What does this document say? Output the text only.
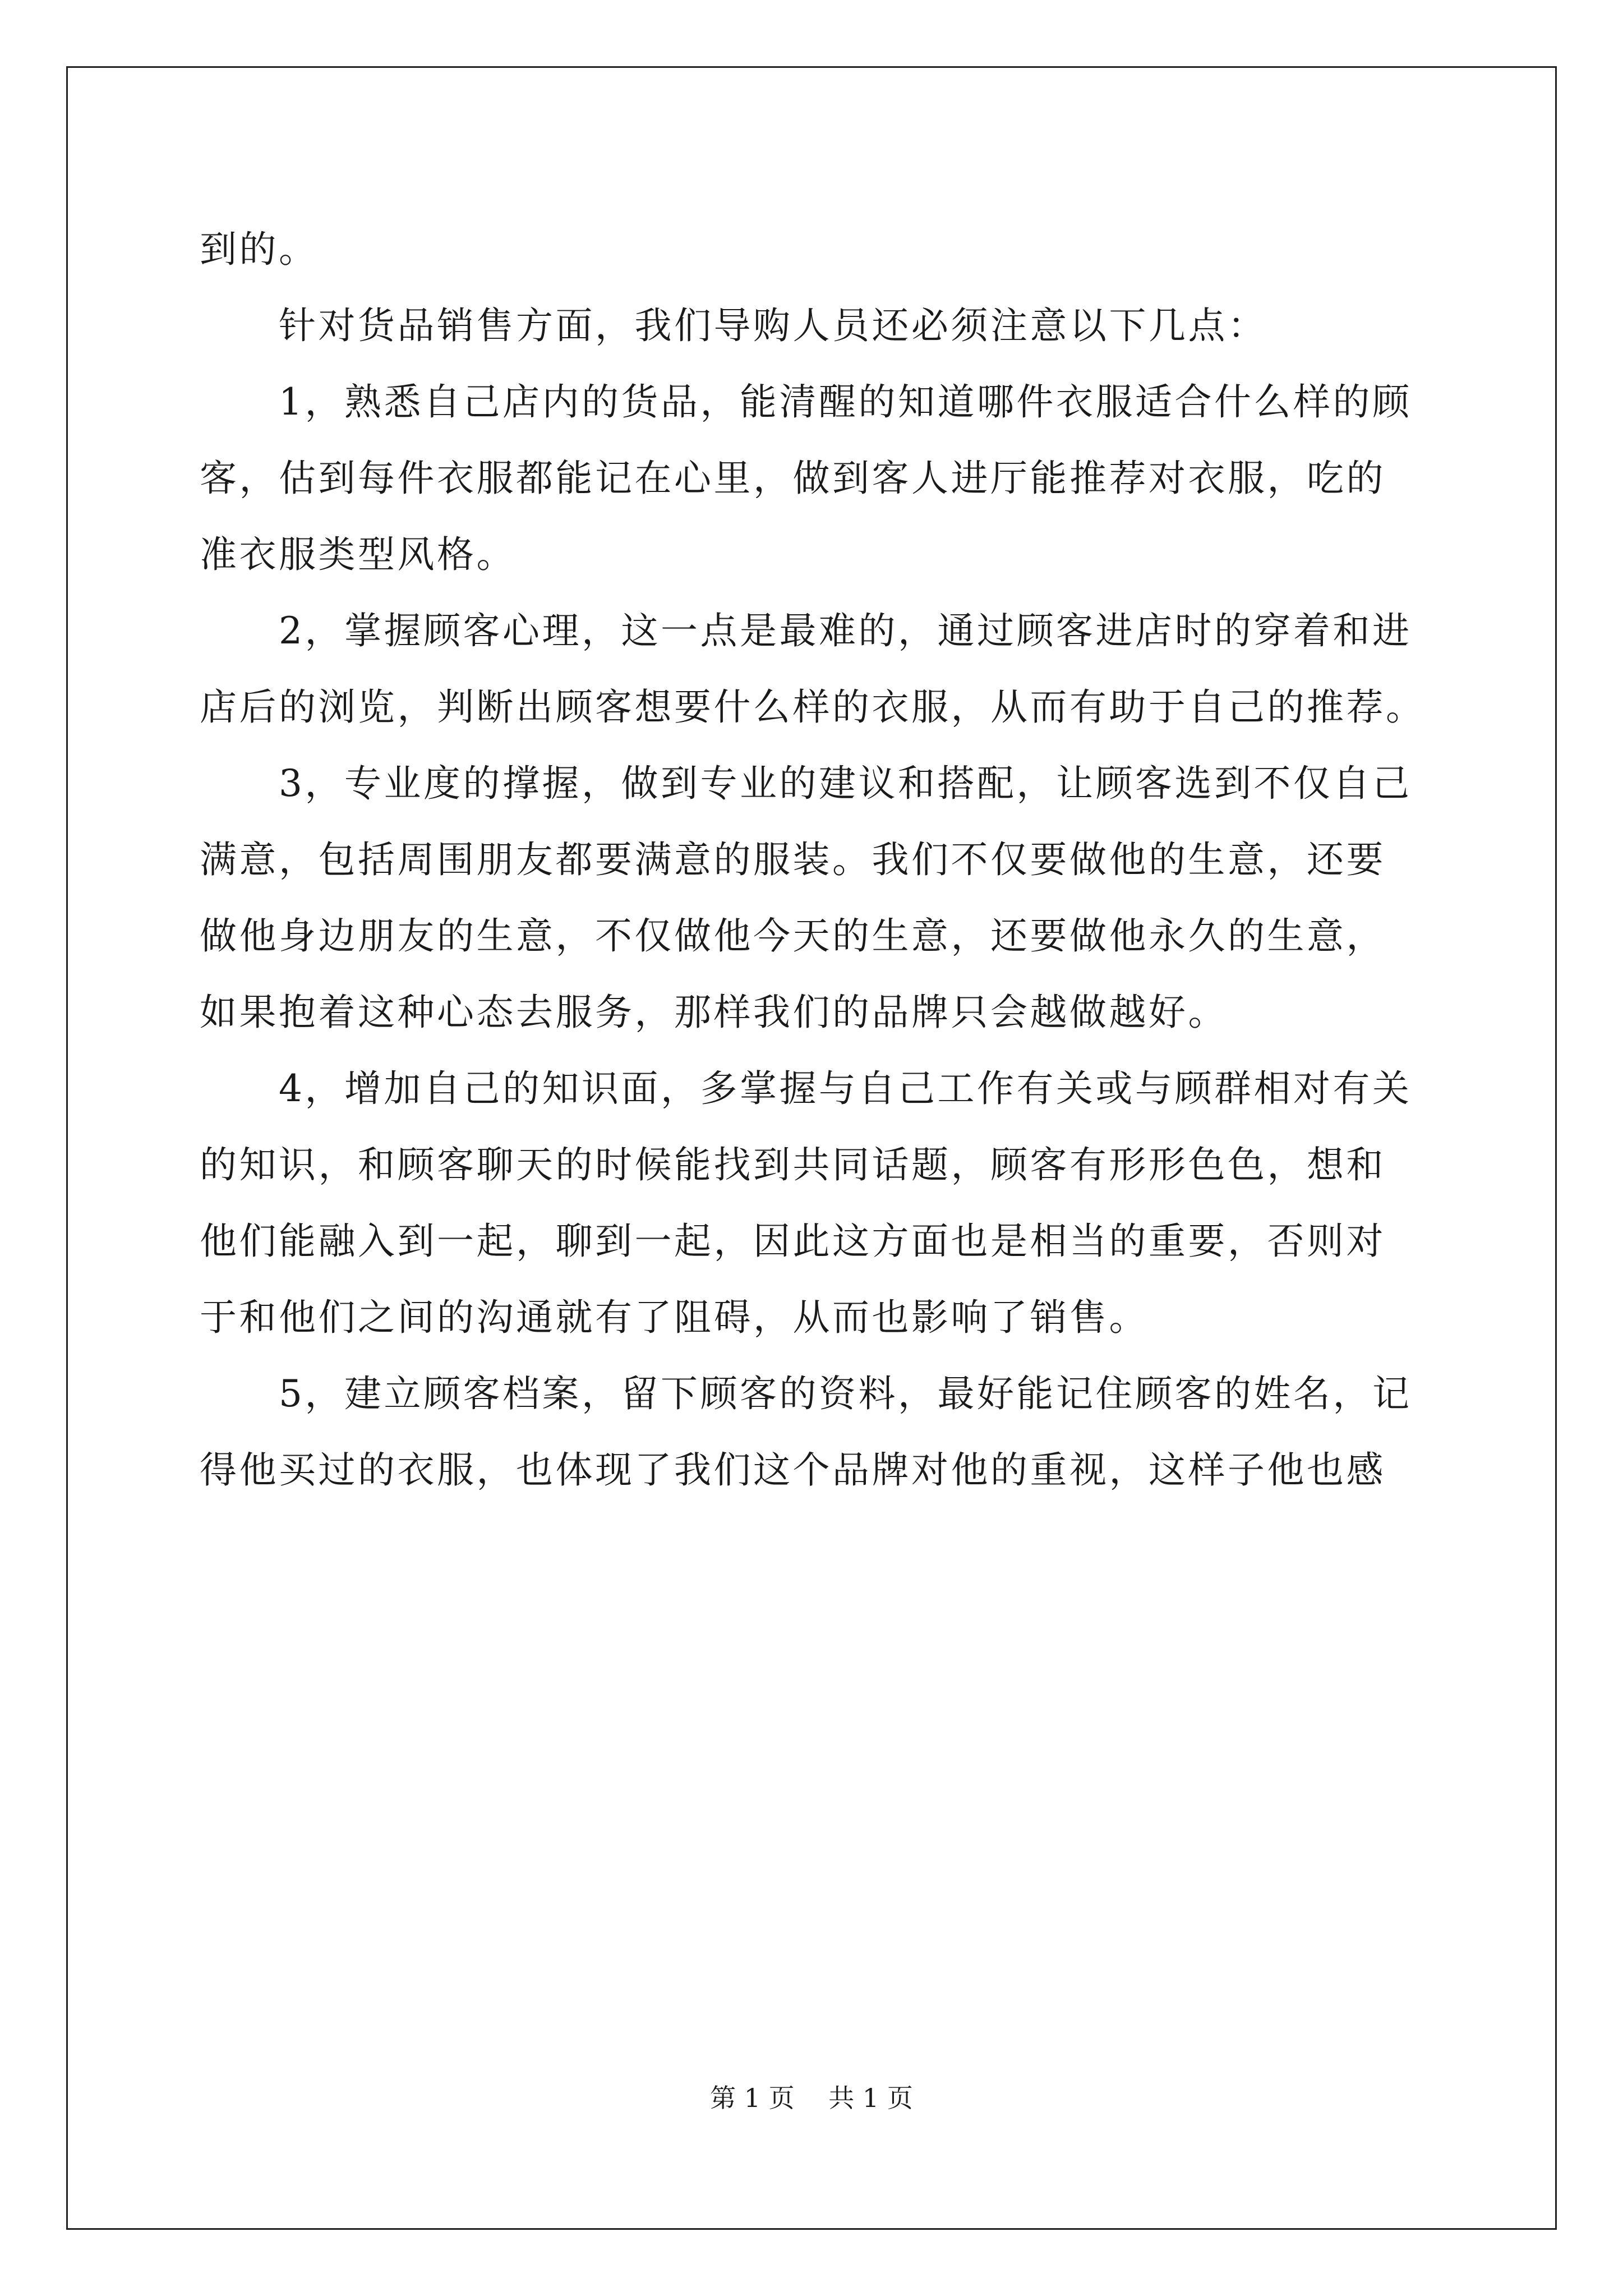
到的。
　　针对货品销售方面，我们导购人员还必须注意以下几点：
　　1，熟悉自己店内的货品，能清醒的知道哪件衣服适合什么样的顾
客，估到每件衣服都能记在心里，做到客人进厅能推荐对衣服，吃的
准衣服类型风格。
　　2，掌握顾客心理，这一点是最难的，通过顾客进店时的穿着和进
店后的浏览，判断出顾客想要什么样的衣服，从而有助于自己的推荐。
　　3，专业度的撑握，做到专业的建议和搭配，让顾客选到不仅自己
满意，包括周围朋友都要满意的服装。我们不仅要做他的生意，还要
做他身边朋友的生意，不仅做他今天的生意，还要做他永久的生意，
如果抱着这种心态去服务，那样我们的品牌只会越做越好。
　　4，增加自己的知识面，多掌握与自己工作有关或与顾群相对有关
的知识，和顾客聊天的时候能找到共同话题，顾客有形形色色，想和
他们能融入到一起，聊到一起，因此这方面也是相当的重要，否则对
于和他们之间的沟通就有了阻碍，从而也影响了销售。
　　5，建立顾客档案，留下顾客的资料，最好能记住顾客的姓名，记
得他买过的衣服，也体现了我们这个品牌对他的重视，这样子他也感
第 1 页　 共 1 页
